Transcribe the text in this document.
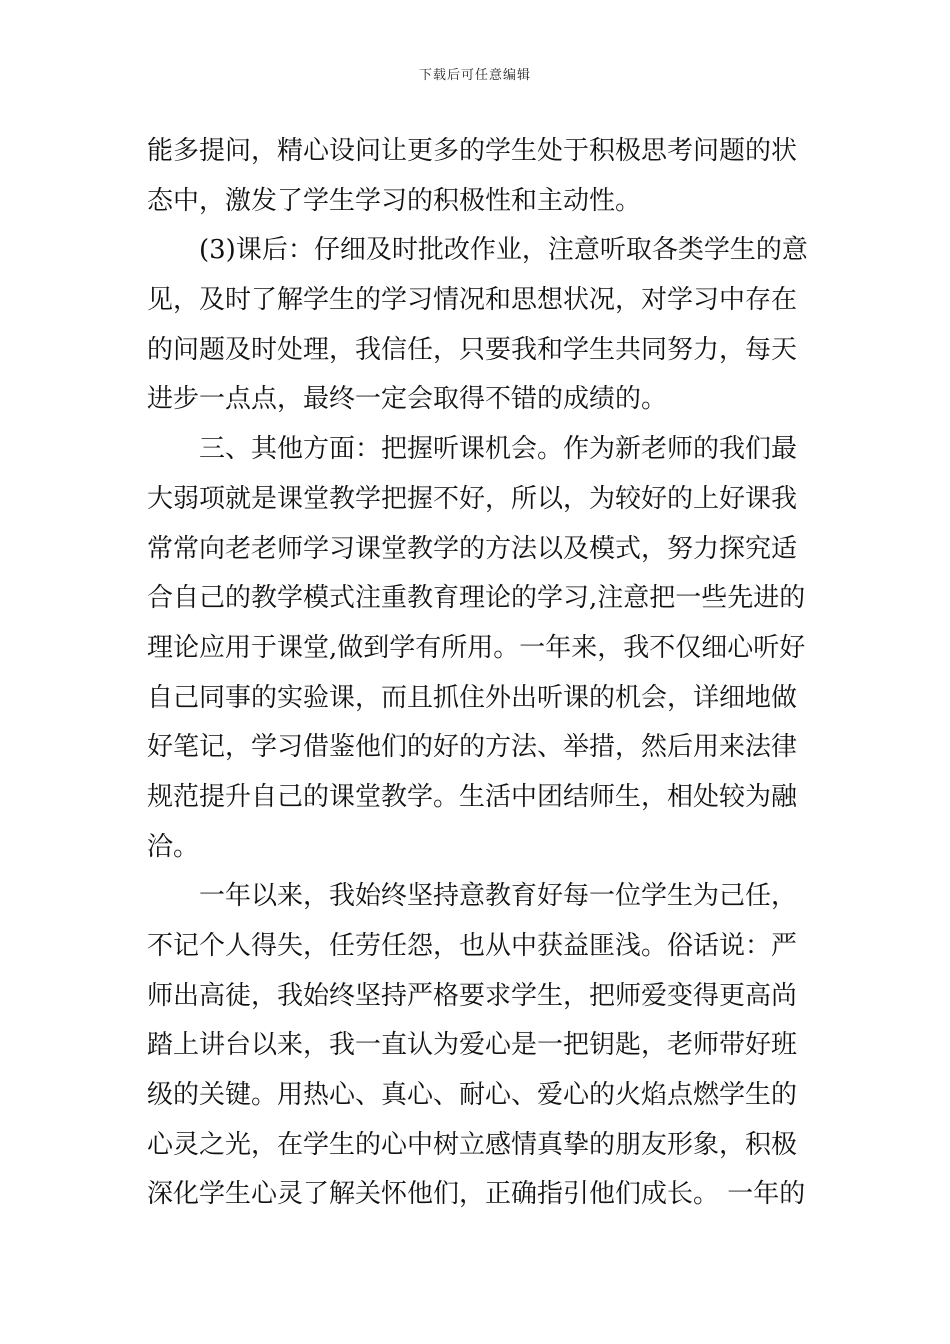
下载后可任意编辑
能多提问，精心设问让更多的学生处于积极思考问题的状
态中，激发了学生学习的积极性和主动性。
(3)课后：仔细及时批改作业，注意听取各类学生的意
见，及时了解学生的学习情况和思想状况，对学习中存在
的问题及时处理，我信任，只要我和学生共同努力，每天
进步一点点，最终一定会取得不错的成绩的。
三、其他方面：把握听课机会。作为新老师的我们最
大弱项就是课堂教学把握不好，所以，为较好的上好课我
常常向老老师学习课堂教学的方法以及模式，努力探究适
合自己的教学模式注重教育理论的学习,注意把一些先进的
理论应用于课堂,做到学有所用。一年来，我不仅细心听好
自己同事的实验课，而且抓住外出听课的机会，详细地做
好笔记，学习借鉴他们的好的方法、举措，然后用来法律
规范提升自己的课堂教学。生活中团结师生，相处较为融
洽。
一年以来，我始终坚持意教育好每一位学生为己任，
不记个人得失，任劳任怨，也从中获益匪浅。俗话说：严
师出高徒，我始终坚持严格要求学生，把师爱变得更高尚
踏上讲台以来，我一直认为爱心是一把钥匙，老师带好班
级的关键。用热心、真心、耐心、爱心的火焰点燃学生的
心灵之光，在学生的心中树立感情真挚的朋友形象，积极
深化学生心灵了解关怀他们，正确指引他们成长。 一年的
